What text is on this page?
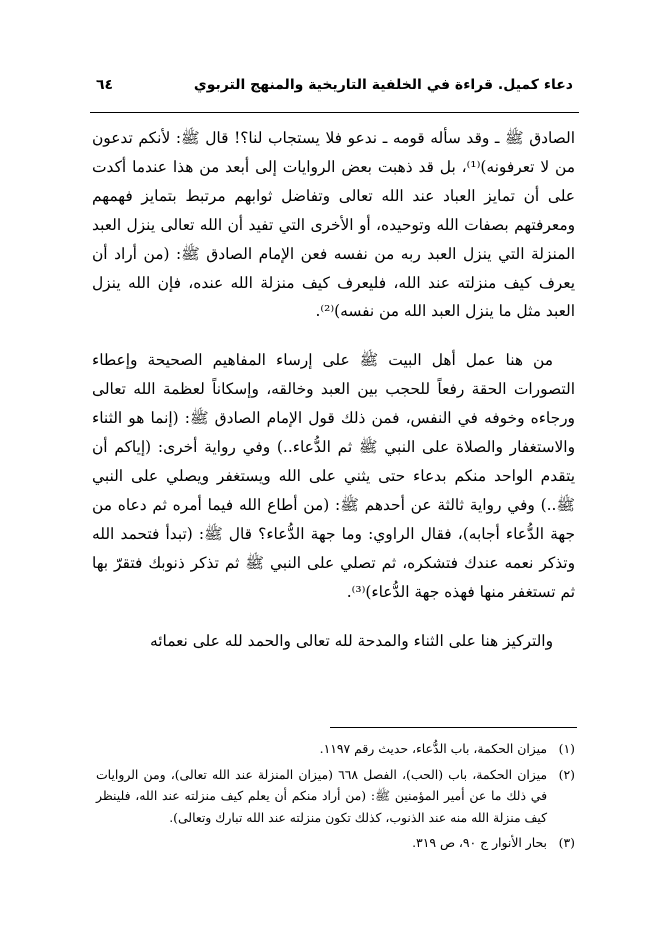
دعاء كميل. قراءة في الخلفية التاريخية والمنهج التربوي
٦٤

الصادق ﷺ ـ وقد سأله قومه ـ ندعو فلا يستجاب لنا؟! قال ﷺ: لأنكم تدعون من لا تعرفونه)⁽¹⁾، بل قد ذهبت بعض الروايات إلى أبعد من هذا عندما أكدت على أن تمايز العباد عند الله تعالى وتفاضل ثوابهم مرتبط بتمايز فهمهم ومعرفتهم بصفات الله وتوحيده، أو الأخرى التي تفيد أن الله تعالى ينزل العبد المنزلة التي ينزل العبد ربه من نفسه فعن الإمام الصادق ﷺ: (من أراد أن يعرف كيف منزلته عند الله، فليعرف كيف منزلة الله عنده، فإن الله ينزل العبد مثل ما ينزل العبد الله من نفسه)⁽²⁾.

من هنا عمل أهل البيت ﷺ على إرساء المفاهيم الصحيحة وإعطاء التصورات الحقة رفعاً للحجب بين العبد وخالقه، وإسكاناً لعظمة الله تعالى ورجاءه وخوفه في النفس، فمن ذلك قول الإمام الصادق ﷺ: (إنما هو الثناء والاستغفار والصلاة على النبي ﷺ ثم الدُّعاء..) وفي رواية أخرى: (إياكم أن يتقدم الواحد منكم بدعاء حتى يثني على الله ويستغفر ويصلي على النبي ﷺ..) وفي رواية ثالثة عن أحدهم ﷺ: (من أطاع الله فيما أمره ثم دعاه من جهة الدُّعاء أجابه)، فقال الراوي: وما جهة الدُّعاء؟ قال ﷺ: (تبدأ فتحمد الله وتذكر نعمه عندك فتشكره، ثم تصلي على النبي ﷺ ثم تذكر ذنوبك فتقرّ بها ثم تستغفر منها فهذه جهة الدُّعاء)⁽³⁾.

والتركيز هنا على الثناء والمدحة لله تعالى والحمد لله على نعمائه

(١)
ميزان الحكمة، باب الدُّعاء، حديث رقم ١١٩٧.
(٢)
ميزان الحكمة، باب (الحب)، الفصل ٦٦٨ (ميزان المنزلة عند الله تعالى)، ومن الروايات في ذلك ما عن أمير المؤمنين ﷺ: (من أراد منكم أن يعلم كيف منزلته عند الله، فلينظر كيف منزلة الله منه عند الذنوب، كذلك تكون منزلته عند الله تبارك وتعالى).
(٣)
بحار الأنوار ج ٩٠، ص ٣١٩.
